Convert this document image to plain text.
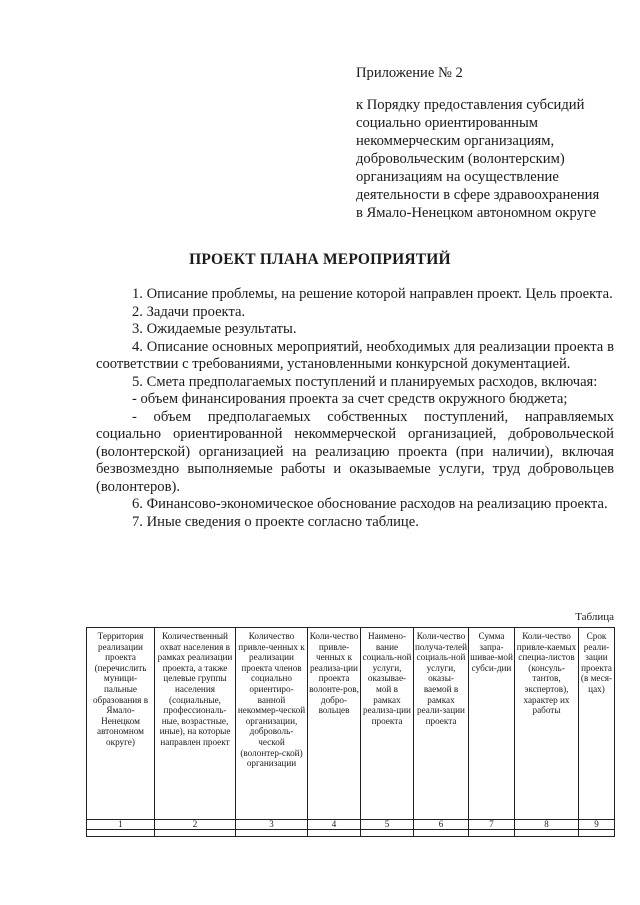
Приложение № 2
к Порядку предоставления субсидий
социально ориентированным
некоммерческим организациям,
добровольческим (волонтерским)
организациям на осуществление
деятельности в сфере здравоохранения
в Ямало-Ненецком автономном округе
ПРОЕКТ ПЛАНА МЕРОПРИЯТИЙ

1. Описание проблемы, на решение которой направлен проект. Цель проекта.

2. Задачи проекта.

3. Ожидаемые результаты.

4. Описание основных мероприятий, необходимых для реализации проекта в соответствии с требованиями, установленными конкурсной документацией.

5. Смета предполагаемых поступлений и планируемых расходов, включая:

- объем финансирования проекта за счет средств окружного бюджета;

- объем предполагаемых собственных поступлений, направляемых социально ориентированной некоммерческой организацией, добровольческой (волонтерской) организацией на реализацию проекта (при наличии), включая безвозмездно выполняемые работы и оказываемые услуги, труд добровольцев (волонтеров).

6. Финансово-экономическое обоснование расходов на реализацию проекта.

7. Иные сведения о проекте согласно таблице.

Таблица
Территория реализации проекта (перечислить муници-пальные образования в Ямало-Ненецком автономном округе)	Количественный охват населения в рамках реализации проекта, а также целевые группы населения (социальные, профессиональ-ные, возрастные, иные), на которые направлен проект	Количество привле-ченных к реализации проекта членов социально ориентиро-ванной некоммер-ческой организации, доброволь-ческой (волонтер-ской) организации	Коли-чество привле-ченных к реализа-ции проекта волонте-ров, добро-вольцев	Наимено-вание социаль-ной услуги, оказывае-мой в рамках реализа-ции проекта	Коли-чество получа-телей социаль-ной услуги, оказы-ваемой в рамках реали-зации проекта	Сумма запра-шивае-мой субси-дии	Коли-чество привле-каемых специа-листов (консуль-тантов, экспертов), характер их работы	Срок реали-зации проекта (в меся-цах)
1	2	3	4	5	6	7	8	9
